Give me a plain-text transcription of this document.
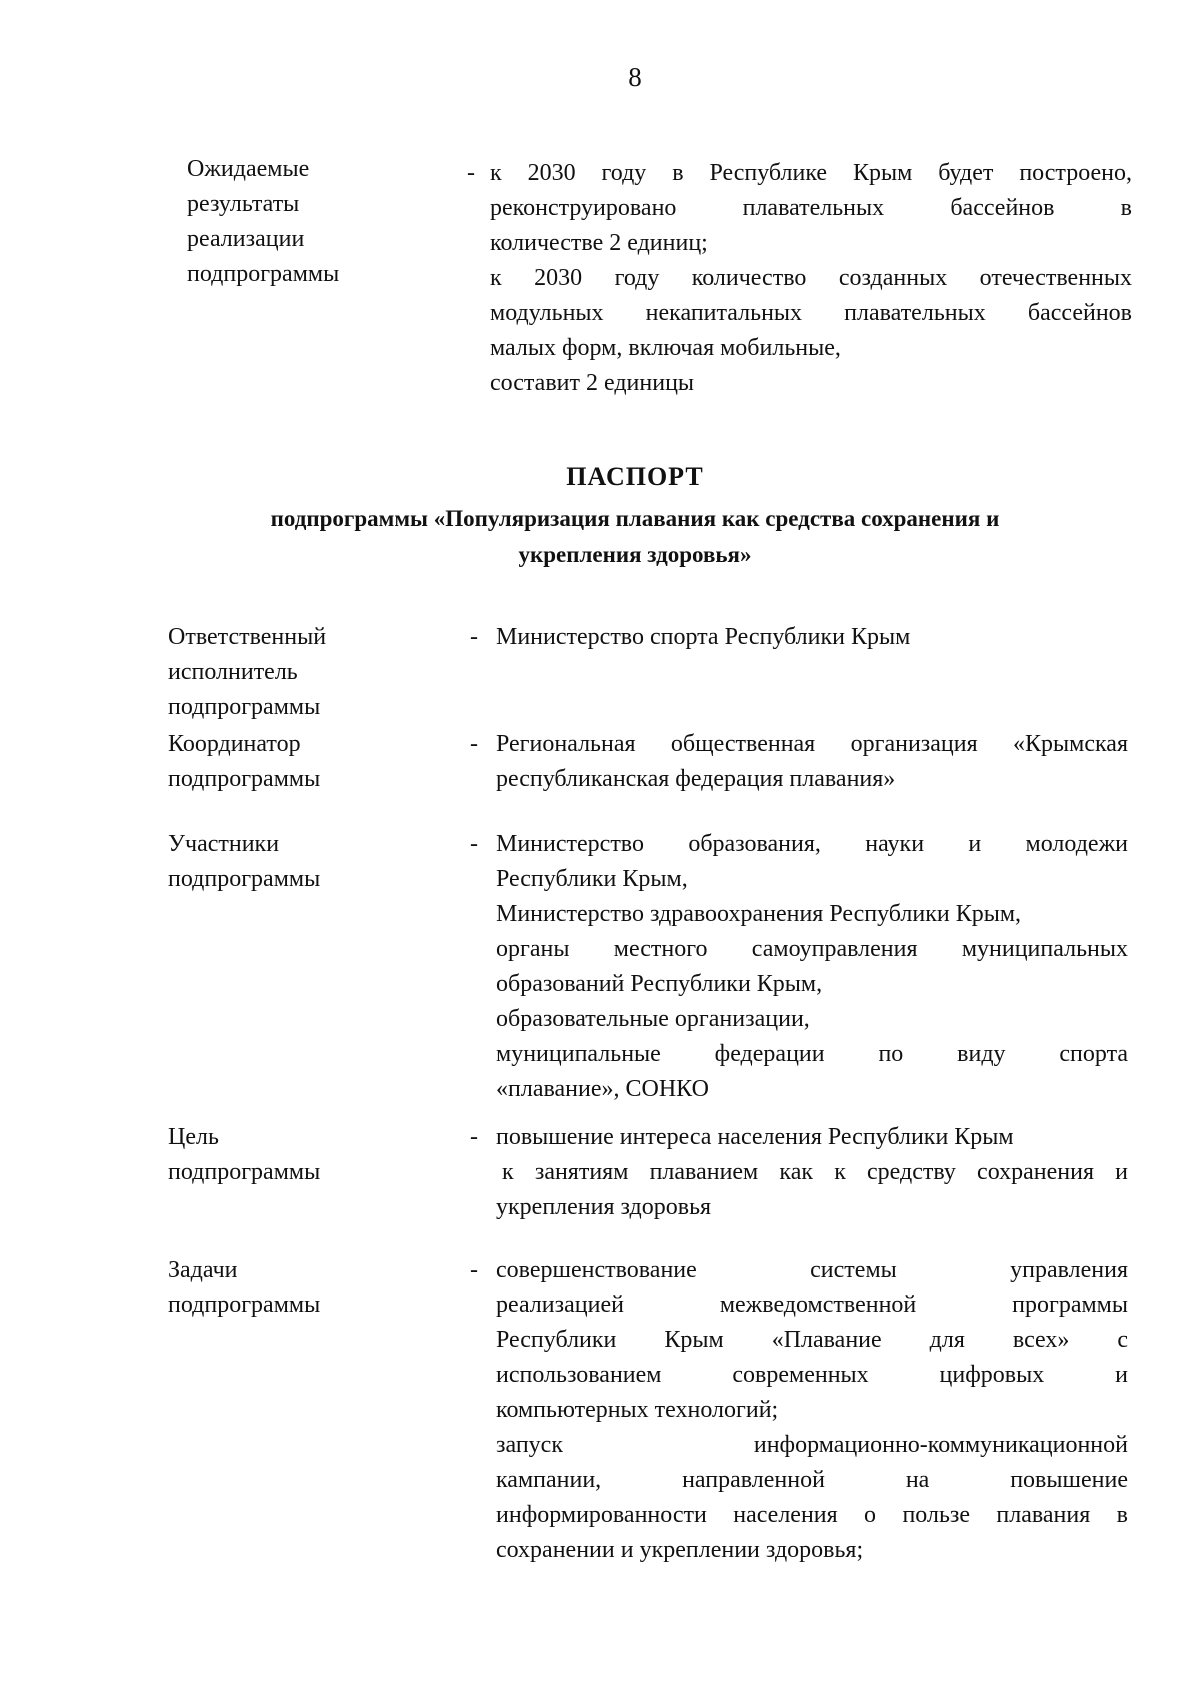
8
Ожидаемые
результаты
реализации
подпрограммы
- к 2030 году в Республике Крым будет построено,
реконструировано плавательных бассейнов в
количестве 2 единиц;
к 2030 году количество созданных отечественных
модульных некапитальных плавательных бассейнов
малых форм, включая мобильные,
составит 2 единицы
ПАСПОРТ
подпрограммы «Популяризация плавания как средства сохранения и
укрепления здоровья»
Ответственный
исполнитель
подпрограммы
- Министерство спорта Республики Крым
Координатор
подпрограммы
- Региональная общественная организация «Крымская
республиканская федерация плавания»
Участники
подпрограммы
- Министерство образования, науки и молодежи
Республики Крым,
Министерство здравоохранения Республики Крым,
органы местного самоуправления муниципальных
образований Республики Крым,
образовательные организации,
муниципальные федерации по виду спорта
«плавание», СОНКО
Цель
подпрограммы
- повышение интереса населения Республики Крым
к занятиям плаванием как к средству сохранения и
укрепления здоровья
Задачи
подпрограммы
- совершенствование системы управления
реализацией межведомственной программы
Республики Крым «Плавание для всех» с
использованием современных цифровых и
компьютерных технологий;
запуск информационно-коммуникационной
кампании, направленной на повышение
информированности населения о пользе плавания в
сохранении и укреплении здоровья;
